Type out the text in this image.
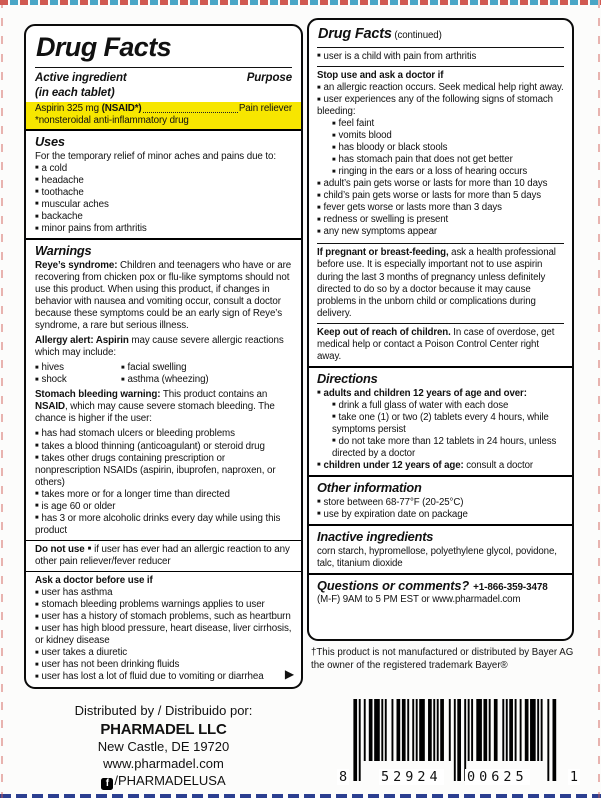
Drug Facts
Active ingredient
(in each tablet)
Purpose
Aspirin 325 mg (NSAID*)	Pain reliever
*nonsteroidal anti-inflammatory drug
Uses
For the temporary relief of minor aches and pains due to:
■ a cold
■ headache
■ toothache
■ muscular aches
■ backache
■ minor pains from arthritis
Warnings

Reye’s syndrome: Children and teenagers who have or are recovering from chicken pox or flu-like symptoms should not use this product. When using this product, if changes in behavior with nausea and vomiting occur, consult a doctor because these symptoms could be an early sign of Reye’s syndrome, a rare but serious illness.

Allergy alert: Aspirin may cause severe allergic reactions which may include:

■ hives
■ shock
■ facial swelling
■ asthma (wheezing)

Stomach bleeding warning: This product contains an NSAID, which may cause severe stomach bleeding. The chance is higher if the user:

■ has had stomach ulcers or bleeding problems
■ takes a blood thinning (anticoagulant) or steroid drug
■ takes other drugs containing prescription or nonprescription NSAIDs (aspirin, ibuprofen, naproxen, or others)
■ takes more or for a longer time than directed
■ is age 60 or older
■ has 3 or more alcoholic drinks every day while using this product

Do not use ■ if user has ever had an allergic reaction to any other pain reliever/fever reducer

Ask a doctor before use if
■ user has asthma
■ stomach bleeding problems warnings applies to user
■ user has a history of stomach problems, such as heartburn
■ user has high blood pressure, heart disease, liver cirrhosis, or kidney disease
■ user takes a diuretic
■ user has not been drinking fluids
■ user has lost a lot of fluid due to vomiting or diarrhea	▶
Drug Facts (continued)
■ user is a child with pain from arthritis
Stop use and ask a doctor if
■ an allergic reaction occurs. Seek medical help right away.
■ user experiences any of the following signs of stomach bleeding:
■ feel faint
■ vomits blood
■ has bloody or black stools
■ has stomach pain that does not get better
■ ringing in the ears or a loss of hearing occurs
■ adult’s pain gets worse or lasts for more than 10 days
■ child’s pain gets worse or lasts for more than 5 days
■ fever gets worse or lasts more than 3 days
■ redness or swelling is present
■ any new symptoms appear

If pregnant or breast-feeding, ask a health professional before use. It is especially important not to use aspirin during the last 3 months of pregnancy unless definitely directed to do so by a doctor because it may cause problems in the unborn child or complications during delivery.

Keep out of reach of children. In case of overdose, get medical help or contact a Poison Control Center right away.

Directions
■ adults and children 12 years of age and over:
■ drink a full glass of water with each dose
■ take one (1) or two (2) tablets every 4 hours, while symptoms persist
■ do not take more than 12 tablets in 24 hours, unless directed by a doctor
■ children under 12 years of age: consult a doctor
Other information
■ store between 68-77°F (20-25°C)
■ use by expiration date on package
Inactive ingredients
corn starch, hypromellose, polyethylene glycol, povidone, talc, titanium dioxide
Questions or comments? +1-866-359-3478
(M-F) 9AM to 5 PM EST or www.pharmadel.com
†This product is not manufactured or distributed by Bayer AG the owner of the registered trademark Bayer®
Distributed by / Distribuido por:
PHARMADEL LLC
New Castle, DE 19720
www.pharmadel.com
f /PHARMADELUSA	8	52924 00625	1
